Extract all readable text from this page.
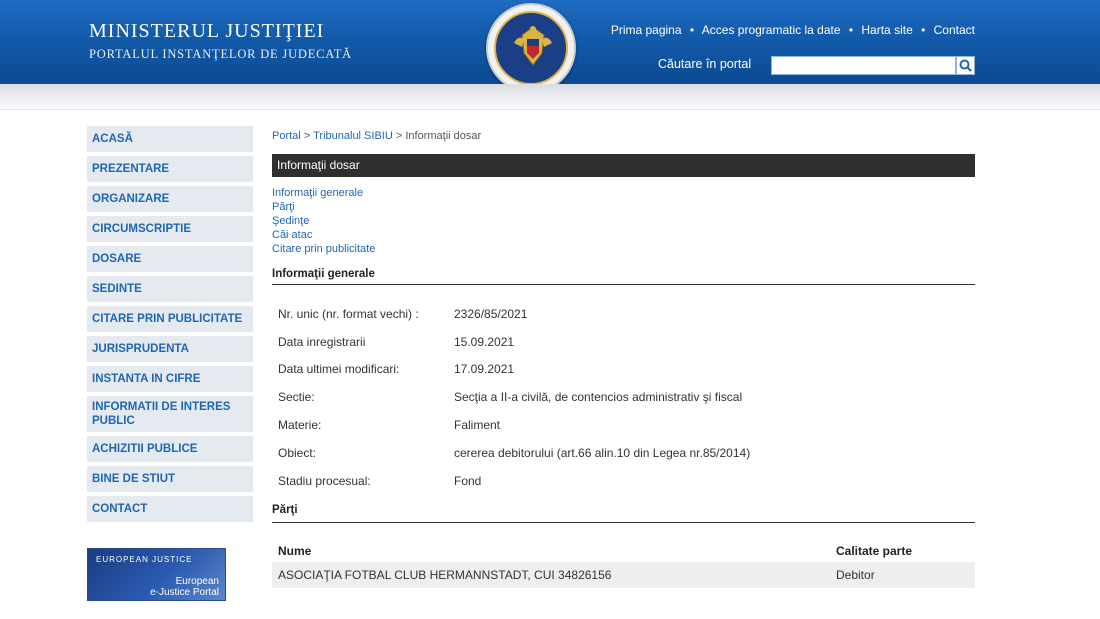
MINISTERUL JUSTIŢIEI
PORTALUL INSTANŢELOR DE JUDECATĂ
Prima pagina • Acces programatic la date • Harta site • Contact
Căutare în portal
ACASĂ
PREZENTARE
ORGANIZARE
CIRCUMSCRIPTIE
DOSARE
SEDINTE
CITARE PRIN PUBLICITATE
JURISPRUDENTA
INSTANTA IN CIFRE
INFORMATII DE INTERES PUBLIC
ACHIZITII PUBLICE
BINE DE STIUT
CONTACT
EUROPEAN JUSTICE
European
e-Justice Portal
Portal > Tribunalul SIBIU > Informaţii dosar
Informaţii dosar
Informaţii generale
Părţi
Şedinţe
Căi atac
Citare prin publicitate
Informaţii generale
Nr. unic (nr. format vechi) :	2326/85/2021
Data inregistrarii	15.09.2021
Data ultimei modificari:	17.09.2021
Sectie:	Secţia a II-a civilă, de contencios administrativ şi fiscal
Materie:	Faliment
Obiect:	cererea debitorului (art.66 alin.10 din Legea nr.85/2014)
Stadiu procesual:	Fond
Părţi
Nume	Calitate parte
ASOCIAŢIA FOTBAL CLUB HERMANNSTADT, CUI 34826156	Debitor
